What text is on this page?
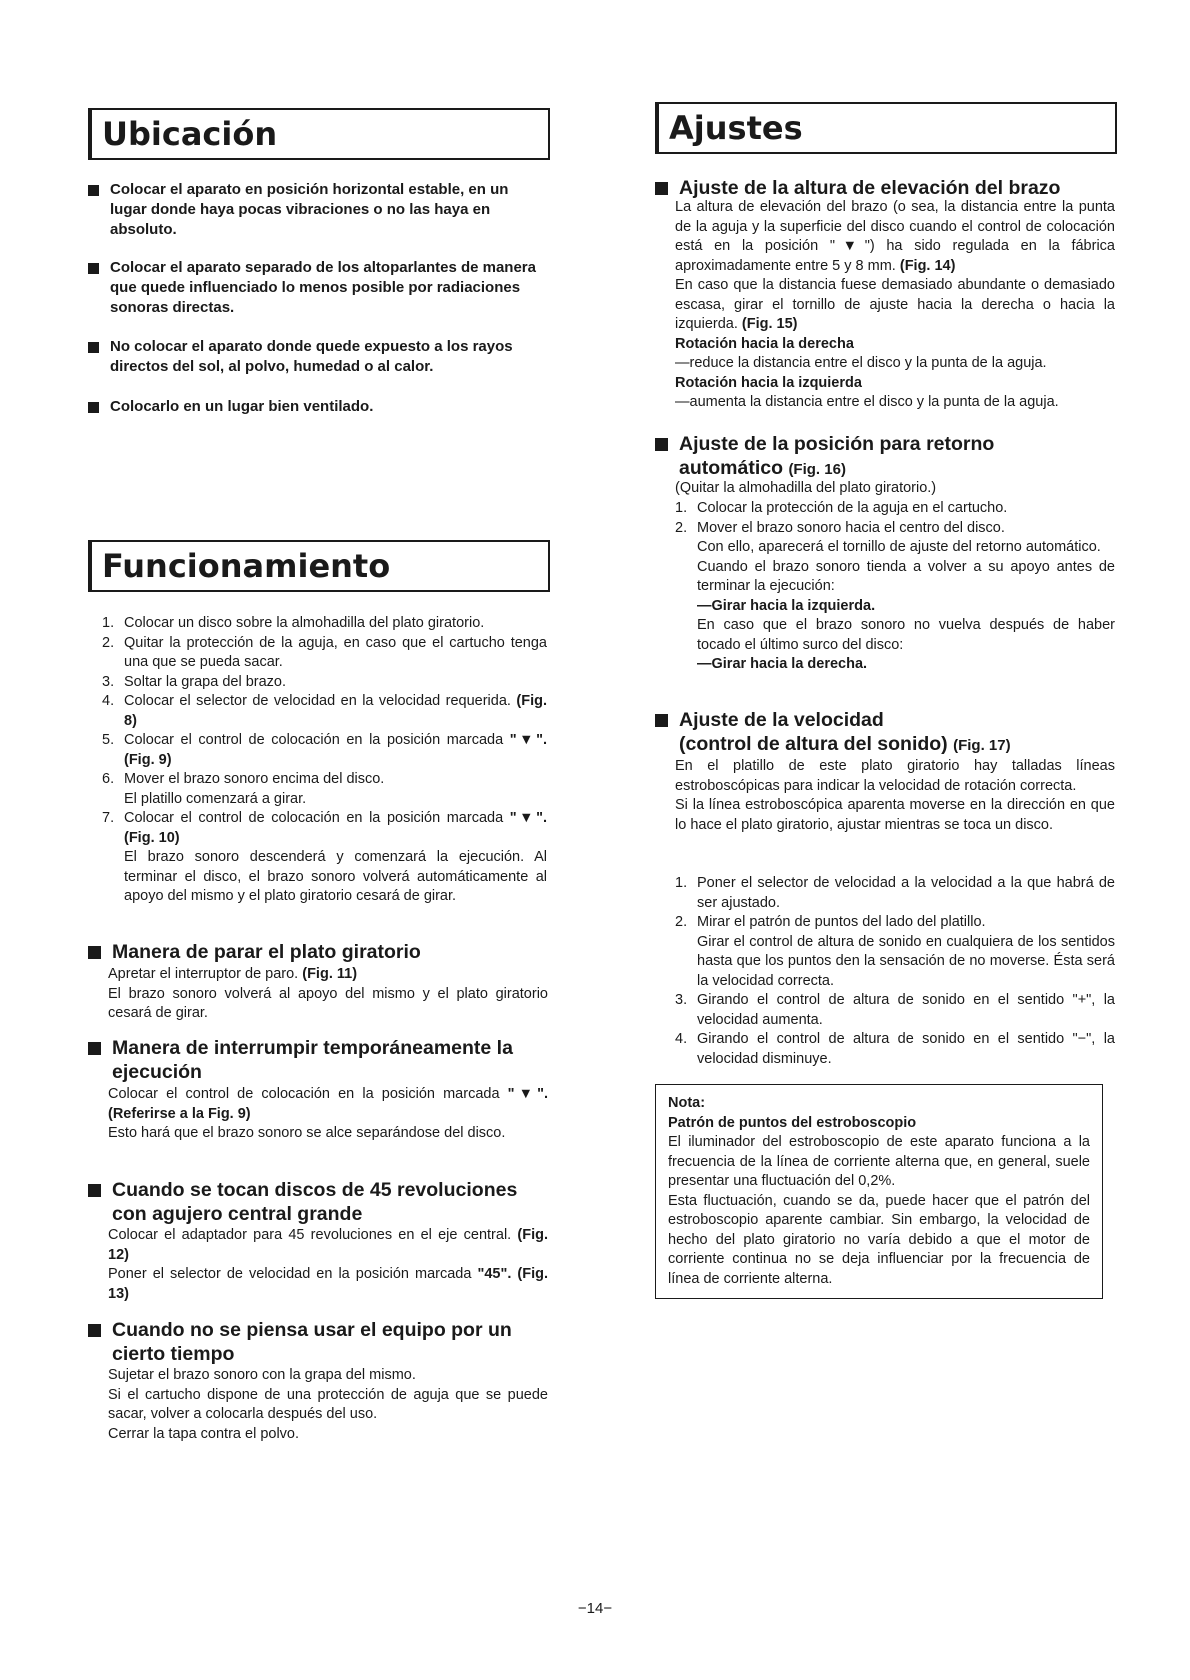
Ubicación
Colocar el aparato en posición horizontal estable, en un lugar donde haya pocas vibraciones o no las haya en absoluto.
Colocar el aparato separado de los altoparlantes de manera que quede influenciado lo menos posible por radiaciones sonoras directas.
No colocar el aparato donde quede expuesto a los rayos directos del sol, al polvo, humedad o al calor.
Colocarlo en un lugar bien ventilado.
Funcionamiento
1. Colocar un disco sobre la almohadilla del plato giratorio.
2. Quitar la protección de la aguja, en caso que el cartucho tenga una que se pueda sacar.
3. Soltar la grapa del brazo.
4. Colocar el selector de velocidad en la velocidad requerida. (Fig. 8)
5. Colocar el control de colocación en la posición marcada "▼". (Fig. 9)
6. Mover el brazo sonoro encima del disco.
El platillo comenzará a girar.
7. Colocar el control de colocación en la posición marcada "▼". (Fig. 10)
El brazo sonoro descenderá y comenzará la ejecución. Al terminar el disco, el brazo sonoro volverá automáticamente al apoyo del mismo y el plato giratorio cesará de girar.
Manera de parar el plato giratorio

Apretar el interruptor de paro. (Fig. 11)

El brazo sonoro volverá al apoyo del mismo y el plato giratorio cesará de girar.

Manera de interrumpir temporáneamente la ejecución

Colocar el control de colocación en la posición marcada "▼". (Referirse a la Fig. 9)

Esto hará que el brazo sonoro se alce separándose del disco.

Cuando se tocan discos de 45 revoluciones con agujero central grande

Colocar el adaptador para 45 revoluciones en el eje central. (Fig. 12)

Poner el selector de velocidad en la posición marcada "45". (Fig. 13)

Cuando no se piensa usar el equipo por un cierto tiempo

Sujetar el brazo sonoro con la grapa del mismo.

Si el cartucho dispone de una protección de aguja que se puede sacar, volver a colocarla después del uso.

Cerrar la tapa contra el polvo.

Ajustes
Ajuste de la altura de elevación del brazo

La altura de elevación del brazo (o sea, la distancia entre la punta de la aguja y la superficie del disco cuando el control de colocación está en la posición "▼") ha sido regulada en la fábrica aproximadamente entre 5 y 8 mm. (Fig. 14)

En caso que la distancia fuese demasiado abundante o demasiado escasa, girar el tornillo de ajuste hacia la derecha o hacia la izquierda. (Fig. 15)

Rotación hacia la derecha

—reduce la distancia entre el disco y la punta de la aguja.

Rotación hacia la izquierda

—aumenta la distancia entre el disco y la punta de la aguja.

Ajuste de la posición para retorno automático (Fig. 16)
(Quitar la almohadilla del plato giratorio.)
1. Colocar la protección de la aguja en el cartucho.
2. Mover el brazo sonoro hacia el centro del disco.
Con ello, aparecerá el tornillo de ajuste del retorno automático.
Cuando el brazo sonoro tienda a volver a su apoyo antes de terminar la ejecución:
—Girar hacia la izquierda.
En caso que el brazo sonoro no vuelva después de haber tocado el último surco del disco:
—Girar hacia la derecha.
Ajuste de la velocidad
(control de altura del sonido) (Fig. 17)

En el platillo de este plato giratorio hay talladas líneas estroboscópicas para indicar la velocidad de rotación correcta.

Si la línea estroboscópica aparenta moverse en la dirección en que lo hace el plato giratorio, ajustar mientras se toca un disco.

1. Poner el selector de velocidad a la velocidad a la que habrá de ser ajustado.
2. Mirar el patrón de puntos del lado del platillo.
Girar el control de altura de sonido en cualquiera de los sentidos hasta que los puntos den la sensación de no moverse. Ésta será la velocidad correcta.
3. Girando el control de altura de sonido en el sentido "+", la velocidad aumenta.
4. Girando el control de altura de sonido en el sentido "−", la velocidad disminuye.

Nota:

Patrón de puntos del estroboscopio

El iluminador del estroboscopio de este aparato funciona a la frecuencia de la línea de corriente alterna que, en general, suele presentar una fluctuación del 0,2%.

Esta fluctuación, cuando se da, puede hacer que el patrón del estroboscopio aparente cambiar. Sin embargo, la velocidad de hecho del plato giratorio no varía debido a que el motor de corriente continua no se deja influenciar por la frecuencia de línea de corriente alterna.

−14−
